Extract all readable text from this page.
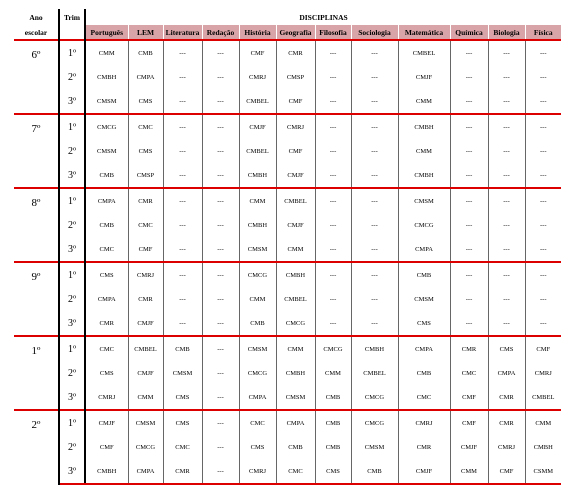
Ano	Trim	DISCIPLINAS											
escolar		Português	LEM	Literatura	Redação	História	Geografia	Filosofia	Sociologia	Matemática	Química	Biologia	Física
6º	1º	CMM	CMB	---	---	CMF	CMR	---	---	CMBEL	---	---	---
	2º	CMBH	CMPA	---	---	CMRJ	CMSP	---	---	CMJF	---	---	---
	3º	CMSM	CMS	---	---	CMBEL	CMF	---	---	CMM	---	---	---
7º	1º	CMCG	CMC	---	---	CMJF	CMRJ	---	---	CMBH	---	---	---
	2º	CMSM	CMS	---	---	CMBEL	CMF	---	---	CMM	---	---	---
	3º	CMB	CMSP	---	---	CMBH	CMJF	---	---	CMBH	---	---	---
8º	1º	CMPA	CMR	---	---	CMM	CMBEL	---	---	CMSM	---	---	---
	2º	CMB	CMC	---	---	CMBH	CMJF	---	---	CMCG	---	---	---
	3º	CMC	CMF	---	---	CMSM	CMM	---	---	CMPA	---	---	---
9º	1º	CMS	CMRJ	---	---	CMCG	CMBH	---	---	CMB	---	---	---
	2º	CMPA	CMR	---	---	CMM	CMBEL	---	---	CMSM	---	---	---
	3º	CMR	CMJF	---	---	CMB	CMCG	---	---	CMS	---	---	---
1º	1º	CMC	CMBEL	CMB	---	CMSM	CMM	CMCG	CMBH	CMPA	CMR	CMS	CMF
	2º	CMS	CMJF	CMSM	---	CMCG	CMBH	CMM	CMBEL	CMB	CMC	CMPA	CMRJ
	3º	CMRJ	CMM	CMS	---	CMPA	CMSM	CMB	CMCG	CMC	CMF	CMR	CMBEL
2º	1º	CMJF	CMSM	CMS	---	CMC	CMPA	CMB	CMCG	CMRJ	CMF	CMR	CMM
	2º	CMF	CMCG	CMC	---	CMS	CMB	CMB	CMSM	CMR	CMJF	CMRJ	CMBH
	3º	CMBH	CMPA	CMR	---	CMRJ	CMC	CMS	CMB	CMJF	CMM	CMF	CSMM
